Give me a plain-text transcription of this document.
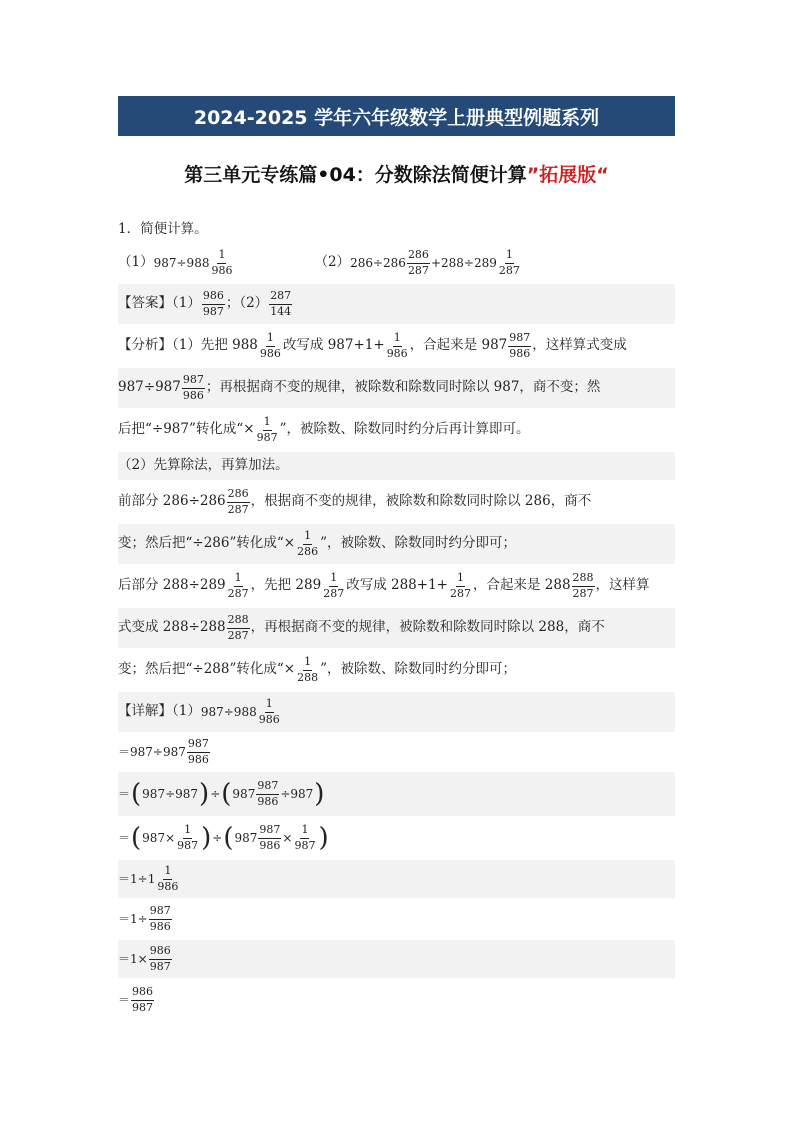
2024-2025 学年六年级数学上册典型例题系列
第三单元专练篇•04：分数除法简便计算”拓展版“
1．简便计算。
（1） $987\div 988 \frac{1}{986}$	（2） $286\div 286 \frac{286}{287} +288\div 289 \frac{1}{287}$
【答案】$(1) \frac{986}{987}$ ；$(2) \frac{287}{144}$
【分析】（1）先把 $988 \frac{1}{986}$ 改写成 $987+1+ \frac{1}{986}$ ，合起来是 $987 \frac{987}{986}$ ，这样算式变成
$987\div 987 \frac{987}{986}$ ；再根据商不变的规律，被除数和除数同时除以 987，商不变；然
后把“÷987”转化成“× $\frac{1}{987}$ ”，被除数、除数同时约分后再计算即可。
（2）先算除法，再算加法。
前部分 $286\div 286 \frac{286}{287}$ ，根据商不变的规律，被除数和除数同时除以 286，商不
变；然后把“÷286”转化成“× $\frac{1}{286}$ ”，被除数、除数同时约分即可；
后部分 $288\div 289 \frac{1}{287}$ ，先把 $289 \frac{1}{287}$ 改写成 $288+1+ \frac{1}{287}$ ，合起来是 $288 \frac{288}{287}$ ，这样算
式变成 $288\div 288 \frac{288}{287}$ ，再根据商不变的规律，被除数和除数同时除以 288，商不
变；然后把“÷288”转化成“× $\frac{1}{288}$ ”，被除数、除数同时约分即可；
【详解】（1） $987\div 988 \frac{1}{986}$
$=987\div 987 \frac{987}{986}$
＝ ( 987÷987 ) ÷ ( $987 \frac{987}{986} \div 987$ )
＝ ( $987\times \frac{1}{987}$ ) ÷ ( $987 \frac{987}{986} \times \frac{1}{987}$ )
$=1\div 1 \frac{1}{986}$
$=1\div \frac{987}{986}$
$=1\times \frac{986}{987}$
＝ $\frac{986}{987}$
